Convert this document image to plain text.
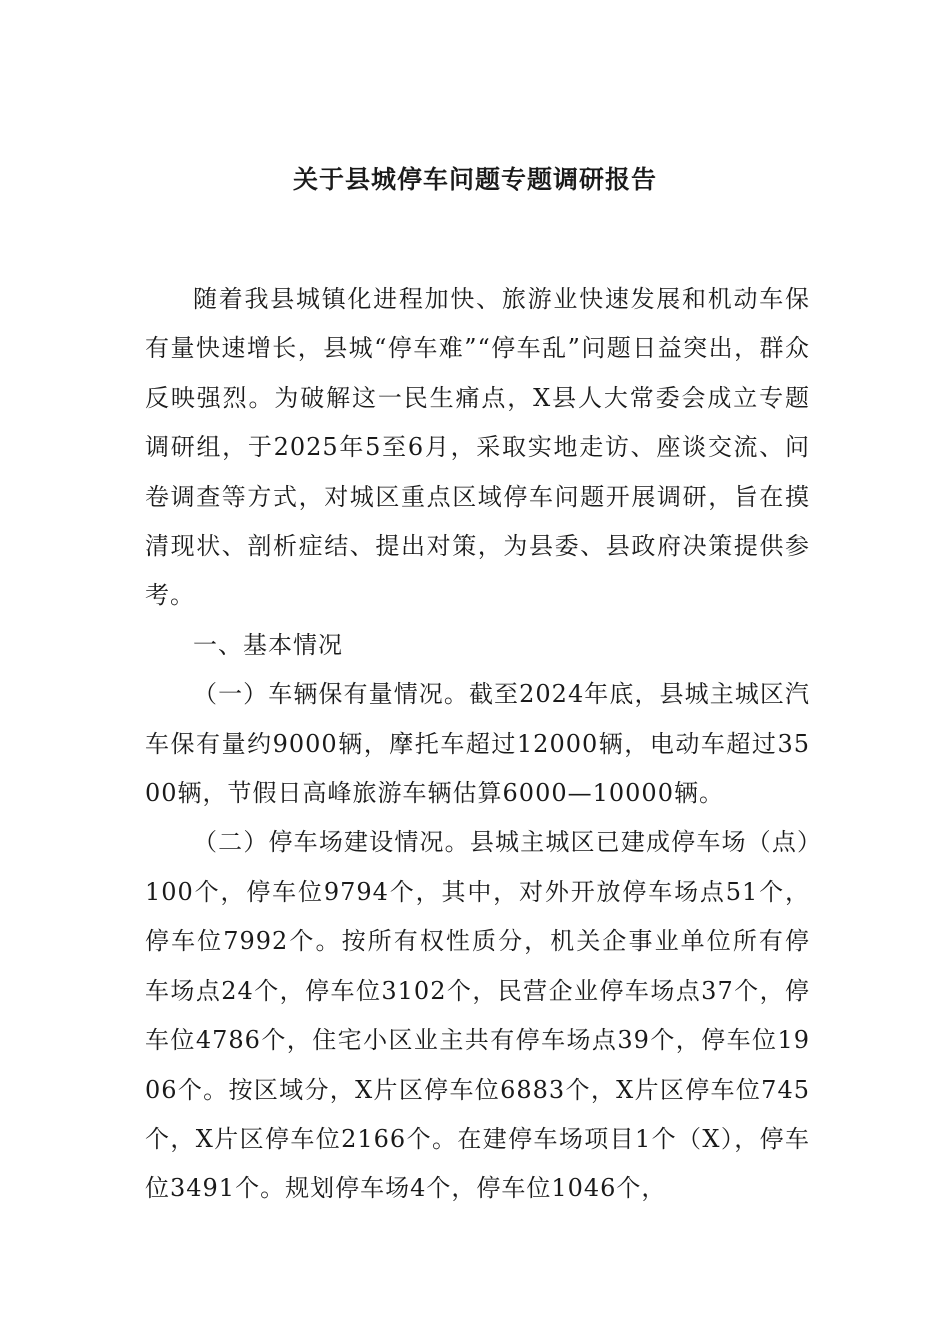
关于县城停车问题专题调研报告

随着我县城镇化进程加快、旅游业快速发展和机动车保有量快速增长，县城“停车难”“停车乱”问题日益突出，群众反映强烈。为破解这一民生痛点，X县人大常委会成立专题调研组，于2025年5至6月，采取实地走访、座谈交流、问卷调查等方式，对城区重点区域停车问题开展调研，旨在摸清现状、剖析症结、提出对策，为县委、县政府决策提供参考。

一、基本情况

（一）车辆保有量情况。截至2024年底，县城主城区汽车保有量约9000辆，摩托车超过12000辆，电动车超过3500辆，节假日高峰旅游车辆估算6000—10000辆。

（二）停车场建设情况。县城主城区已建成停车场（点）100个，停车位9794个，其中，对外开放停车场点51个，停车位7992个。按所有权性质分，机关企事业单位所有停车场点24个，停车位3102个，民营企业停车场点37个，停车位4786个，住宅小区业主共有停车场点39个，停车位1906个。按区域分，X片区停车位6883个，X片区停车位745个，X片区停车位2166个。在建停车场项目1个（X），停车位3491个。规划停车场4个，停车位1046个，
